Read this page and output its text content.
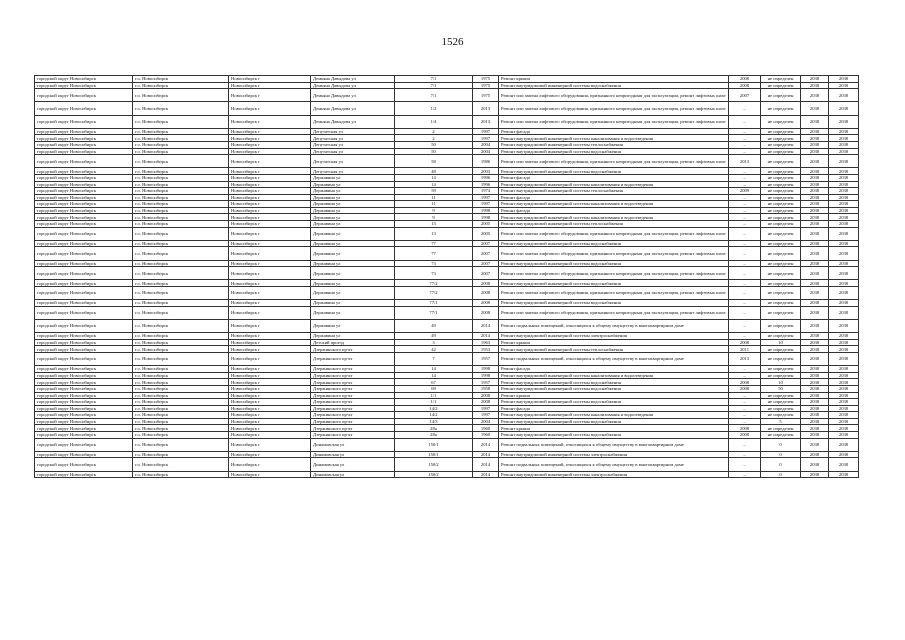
1526
городской округ Новосибирск	г.о. Новосибирск	Новосибирск г	Демьяна Давыдова ул	7/1	1975	Ремонт крыши	2008	не определен	2038	2038
городской округ Новосибирск	г.о. Новосибирск	Новосибирск г	Демьяна Давыдова ул	7/1	1975	Ремонт внутридомовой инженерной системы водоснабжения	2008	не определен	2038	2038
городской округ Новосибирск	г.о. Новосибирск	Новосибирск г	Демьяна Давыдова ул	7/1	1975	Ремонт или замена лифтового оборудования, признанного непригодным для эксплуатации, ремонт лифтовых шахт	2007	не определен	2038	2038
городской округ Новосибирск	г.о. Новосибирск	Новосибирск г	Демьяна Давыдова ул	1/2	2013	Ремонт или замена лифтового оборудования, признанного непригодным для эксплуатации, ремонт лифтовых шахт	–	не определен	2038	2038
городской округ Новосибирск	г.о. Новосибирск	Новосибирск г	Демьяна Давыдова ул	1/4	2013	Ремонт или замена лифтового оборудования, признанного непригодным для эксплуатации, ремонт лифтовых шахт	–	не определен	2038	2038
городской округ Новосибирск	г.о. Новосибирск	Новосибирск г	Депутатская ул	2	1997	Ремонт фасада	–	не определен	2038	2038
городской округ Новосибирск	г.о. Новосибирск	Новосибирск г	Депутатская ул	2	1997	Ремонт внутридомовой инженерной системы канализования и водоотведения	–	не определен	2038	2038
городской округ Новосибирск	г.о. Новосибирск	Новосибирск г	Депутатская ул	50	2004	Ремонт внутридомовой инженерной системы теплоснабжения	–	не определен	2038	2038
городской округ Новосибирск	г.о. Новосибирск	Новосибирск г	Депутатская ул	50	2004	Ремонт внутридомовой инженерной системы водоснабжения	–	не определен	2038	2038
городской округ Новосибирск	г.о. Новосибирск	Новосибирск г	Депутатская ул	58	1986	Ремонт или замена лифтового оборудования, признанного непригодным для эксплуатации, ремонт лифтовых шахт	2013	не определен	2038	2038
городской округ Новосибирск	г.о. Новосибирск	Новосибирск г	Депутатская ул	48	2003	Ремонт внутридомовой инженерной системы водоснабжения	–	не определен	2038	2038
городской округ Новосибирск	г.о. Новосибирск	Новосибирск г	Державина ул	14	1996	Ремонт фасада	–	не определен	2038	2038
городской округ Новосибирск	г.о. Новосибирск	Новосибирск г	Державина ул	14	1996	Ремонт внутридомовой инженерной системы канализования и водоотведения	–	не определен	2038	2038
городской округ Новосибирск	г.о. Новосибирск	Новосибирск г	Державина ул	59	1974	Ремонт внутридомовой инженерной системы теплоснабжения	2009	не определен	2038	2038
городской округ Новосибирск	г.о. Новосибирск	Новосибирск г	Державина ул	11	1997	Ремонт фасада	–	не определен	2038	2038
городской округ Новосибирск	г.о. Новосибирск	Новосибирск г	Державина ул	11	1997	Ремонт внутридомовой инженерной системы канализования и водоотведения	–	не определен	2038	2038
городской округ Новосибирск	г.о. Новосибирск	Новосибирск г	Державина ул	9	1998	Ремонт фасада	–	не определен	2038	2038
городской округ Новосибирск	г.о. Новосибирск	Новосибирск г	Державина ул	9	1998	Ремонт внутридомовой инженерной системы канализования и водоотведения	–	не определен	2038	2038
городской округ Новосибирск	г.о. Новосибирск	Новосибирск г	Державина ул	13	2005	Ремонт внутридомовой инженерной системы теплоснабжения	–	не определен	2038	2038
городской округ Новосибирск	г.о. Новосибирск	Новосибирск г	Державина ул	13	2005	Ремонт или замена лифтового оборудования, признанного непригодным для эксплуатации, ремонт лифтовых шахт	–	не определен	2038	2038
городской округ Новосибирск	г.о. Новосибирск	Новосибирск г	Державина ул	77	2007	Ремонт внутридомовой инженерной системы водоснабжения	–	не определен	2038	2038
городской округ Новосибирск	г.о. Новосибирск	Новосибирск г	Державина ул	77	2007	Ремонт или замена лифтового оборудования, признанного непригодным для эксплуатации, ремонт лифтовых шахт	–	не определен	2038	2038
городской округ Новосибирск	г.о. Новосибирск	Новосибирск г	Державина ул	73	2007	Ремонт внутридомовой инженерной системы водоснабжения	–	не определен	2038	2038
городской округ Новосибирск	г.о. Новосибирск	Новосибирск г	Державина ул	73	2007	Ремонт или замена лифтового оборудования, признанного непригодным для эксплуатации, ремонт лифтовых шахт	–	не определен	2038	2038
городской округ Новосибирск	г.о. Новосибирск	Новосибирск г	Державина ул	77/2	2008	Ремонт внутридомовой инженерной системы водоснабжения	–	не определен	2038	2038
городской округ Новосибирск	г.о. Новосибирск	Новосибирск г	Державина ул	77/2	2008	Ремонт или замена лифтового оборудования, признанного непригодным для эксплуатации, ремонт лифтовых шахт	–	не определен	2038	2038
городской округ Новосибирск	г.о. Новосибирск	Новосибирск г	Державина ул	77/1	2008	Ремонт внутридомовой инженерной системы водоснабжения	–	не определен	2038	2038
городской округ Новосибирск	г.о. Новосибирск	Новосибирск г	Державина ул	77/1	2008	Ремонт или замена лифтового оборудования, признанного непригодным для эксплуатации, ремонт лифтовых шахт	–	не определен	2038	2038
городской округ Новосибирск	г.о. Новосибирск	Новосибирск г	Державина ул	49	2014	Ремонт подвальных помещений, относящихся к общему имуществу в многоквартирном доме	–	не определен	2038	2038
городской округ Новосибирск	г.о. Новосибирск	Новосибирск г	Державина ул	49	2014	Ремонт внутридомовой инженерной системы электроснабжения	–	не определен	2038	2038
городской округ Новосибирск	г.о. Новосибирск	Новосибирск г	Детский проезд	3	1963	Ремонт крыши	2008	10	2038	2038
городской округ Новосибирск	г.о. Новосибирск	Новосибирск г	Дзержинского пр-кт	42	1953	Ремонт внутридомовой инженерной системы теплоснабжения	2011	не определен	2038	2038
городской округ Новосибирск	г.о. Новосибирск	Новосибирск г	Дзержинского пр-кт	7	1957	Ремонт подвальных помещений, относящихся к общему имуществу в многоквартирном доме	2013	не определен	2038	2038
городской округ Новосибирск	г.о. Новосибирск	Новосибирск г	Дзержинского пр-кт	14	1998	Ремонт фасада	–	не определен	2038	2038
городской округ Новосибирск	г.о. Новосибирск	Новосибирск г	Дзержинского пр-кт	14	1998	Ремонт внутридомовой инженерной системы канализования и водоотведения	–	не определен	2038	2038
городской округ Новосибирск	г.о. Новосибирск	Новосибирск г	Дзержинского пр-кт	67	1957	Ремонт внутридомовой инженерной системы водоснабжения	2008	10	2038	2038
городской округ Новосибирск	г.о. Новосибирск	Новосибирск г	Дзержинского пр-кт	69	1958	Ремонт внутридомовой инженерной системы водоснабжения	2008	50	2038	2038
городской округ Новосибирск	г.о. Новосибирск	Новосибирск г	Дзержинского пр-кт	1/1	2008	Ремонт крыши	–	не определен	2038	2038
городской округ Новосибирск	г.о. Новосибирск	Новосибирск г	Дзержинского пр-кт	1/1	2008	Ремонт внутридомовой инженерной системы водоснабжения	–	не определен	2038	2038
городской округ Новосибирск	г.о. Новосибирск	Новосибирск г	Дзержинского пр-кт	14/2	1997	Ремонт фасада	–	не определен	2038	2038
городской округ Новосибирск	г.о. Новосибирск	Новосибирск г	Дзержинского пр-кт	14/2	1997	Ремонт внутридомовой инженерной системы канализования и водоотведения	–	не определен	2038	2038
городской округ Новосибирск	г.о. Новосибирск	Новосибирск г	Дзержинского пр-кт	14/3	2004	Ремонт внутридомовой инженерной системы водоснабжения	–	5	2038	2038
городской округ Новосибирск	г.о. Новосибирск	Новосибирск г	Дзержинского пр-кт	28а	1960	Ремонт крыши	2008	не определен	2038	2038
городской округ Новосибирск	г.о. Новосибирск	Новосибирск г	Дзержинского пр-кт	28а	1960	Ремонт внутридомовой инженерной системы водоснабжения	2008	не определен	2038	2038
городской округ Новосибирск	г.о. Новосибирск	Новосибирск г	Динамовская ул	150/1	2014	Ремонт подвальных помещений, относящихся к общему имуществу в многоквартирном доме	–	0	2038	2038
городской округ Новосибирск	г.о. Новосибирск	Новосибирск г	Динамовская ул	150/1	2014	Ремонт внутридомовой инженерной системы электроснабжения	–	0	2038	2038
городской округ Новосибирск	г.о. Новосибирск	Новосибирск г	Динамовская ул	150/2	2014	Ремонт подвальных помещений, относящихся к общему имуществу в многоквартирном доме	–	0	2038	2038
городской округ Новосибирск	г.о. Новосибирск	Новосибирск г	Динамовская ул	150/2	2014	Ремонт внутридомовой инженерной системы электроснабжения	–	0	2038	2038
